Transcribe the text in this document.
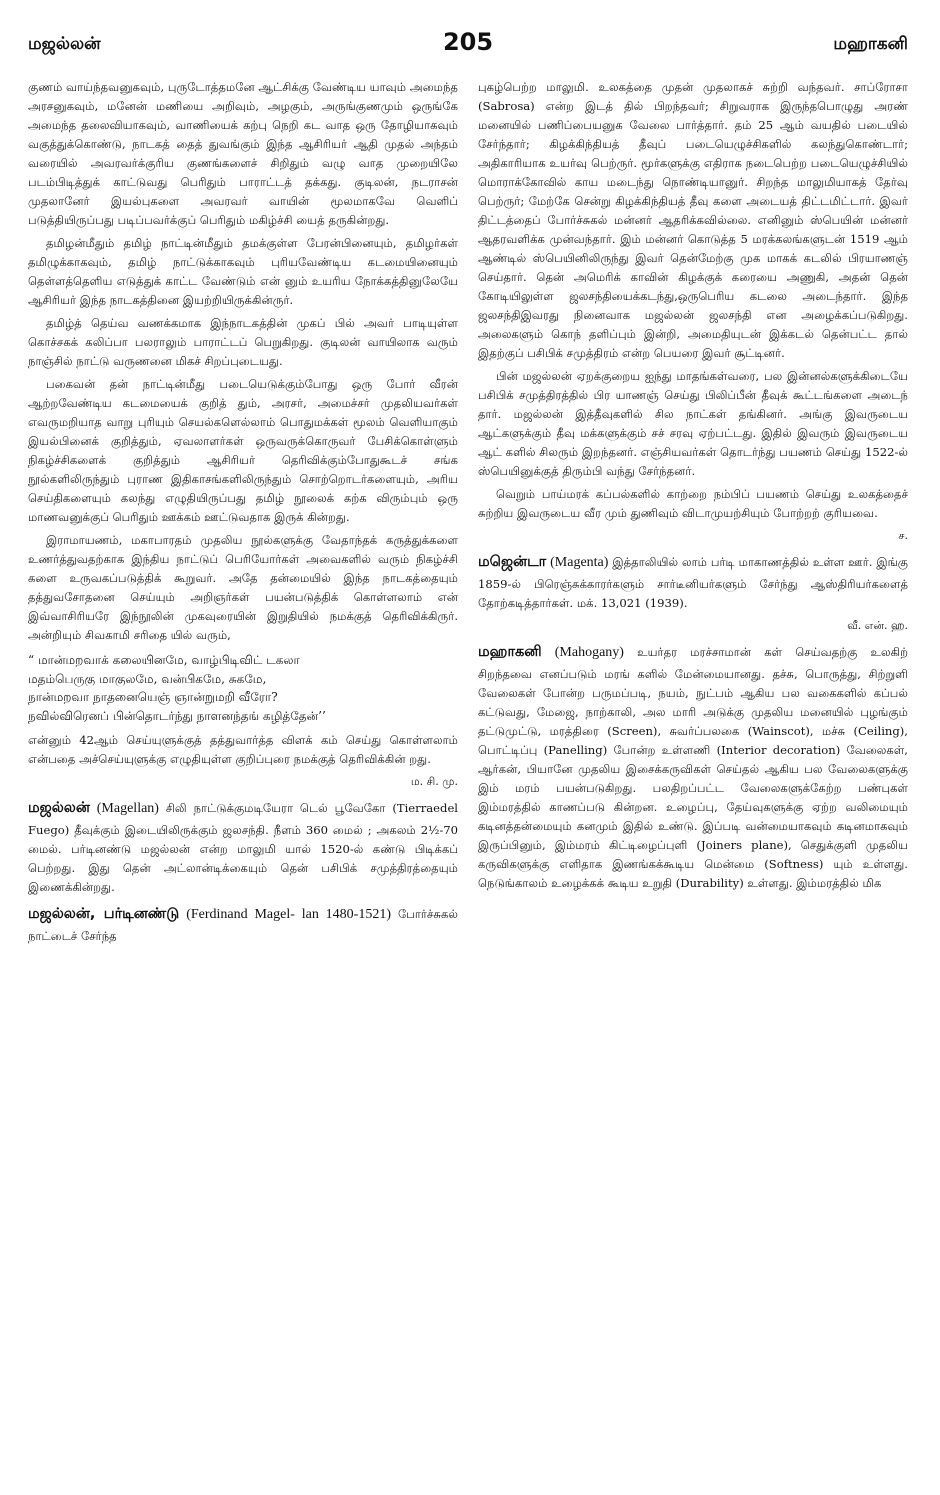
மஜல்லன்	205	மஹாகனி

குணம் வாய்ந்தவனுகவும், புருடோத்தமனே ஆட்சிக்கு வேண்டிய யாவும் அமைந்த அரசனுகவும், மனேன் மணியை அறிவும், அழகும், அருங்குணமும் ஒருங்கே அமைந்த தலைவியாகவும், வாணியைக் கற்பு நெறி கட வாத ஒரு தோழியாகவும் வகுத்துக்கொண்டு, நாடகத் தைத் துவங்கும் இந்த ஆசிரியர் ஆதி முதல் அந்தம் வரையில் அவரவர்க்குரிய குணங்களைச் சிறிதும் வழு வாத முறையிலே படம்பிடித்துக் காட்டுவது பெரிதும் பாராட்டத் தக்கது. குடிலன், நடராசன் முதலானேர் இயல்புகளை அவரவர் வாயின் மூலமாகவே வெளிப் படுத்தியிருப்பது படிப்பவர்க்குப் பெரிதும் மகிழ்ச்சி யைத் தருகின்றது.

தமிழன்மீதும் தமிழ் நாட்டின்மீதும் தமக்குள்ள பேரன்பினையும், தமிழர்கள் தமிழுக்காகவும், தமிழ் நாட்டுக்காகவும் புரியவேண்டிய கடமையினையும் தெள்ளத்தெளிய எடுத்துக் காட்ட வேண்டும் என் னும் உயரிய நோக்கத்தினுலேயே ஆசிரியர் இந்த நாடகத்தினை இயற்றியிருக்கின்ருர்.

தமிழ்த் தெய்வ வணக்கமாக இந்நாடகத்தின் முகப் பில் அவர் பாடியுள்ள கொச்சகக் கலிப்பா பலராலும் பாராட்டப் பெறுகிறது. குடிலன் வாயிலாக வரும் நாஞ்சில் நாட்டு வருணனை மிகச் சிறப்புடையது.

பகைவன் தன் நாட்டின்மீது படையெடுக்கும்போது ஒரு போர் வீரன் ஆற்றவேண்டிய கடமையைக் குறித் தும், அரசர், அமைச்சர் முதலியவர்கள் எவருமறியாத வாறு புரியும் செயல்களெல்லாம் பொதுமக்கள் மூலம் வெளியாகும் இயல்பினைக் குறித்தும், ஏவலாளர்கள் ஒருவருக்கொருவர் பேசிக்கொள்ளும் நிகழ்ச்சிகளைக் குறித்தும் ஆசிரியர் தெரிவிக்கும்போதுகூடச் சங்க நூல்களிலிருந்தும் புராண இதிகாசங்களிலிருந்தும் சொற்றொடர்களையும், அரிய செய்திகளையும் கலந்து எழுதியிருப்பது தமிழ் நூலைக் கற்க விரும்பும் ஒரு மாணவனுக்குப் பெரிதும் ஊக்கம் ஊட்டுவதாக இருக் கின்றது.

இராமாயணம், மகாபாரதம் முதலிய நூல்களுக்கு வேதாந்தக் கருத்துக்களை உணர்த்துவதற்காக இந்திய நாட்டுப் பெரியோர்கள் அவைகளில் வரும் நிகழ்ச்சி களை உருவகப்படுத்திக் கூறுவர். அதே தன்மையில் இந்த நாடகத்தையும் தத்துவசோதனை செய்யும் அறிஞர்கள் பயன்படுத்திக் கொள்ளலாம் என் இவ்வாசிரியரே இந்நூலின் முகவுரையின் இறுதியில் நமக்குத் தெரிவிக்கிருர். அன்றியும் சிவகாமி சரிதை யில் வரும்,

“ மான்மறவாக் கலையினமே, வாழ்பிடிவிட் டகலா
மதம்பெருகு மாகுலமே, வன்பிகமே, சுகமே,
நான்மறவா நாதனையெஞ் ஞான்றுமறி வீரோ?
நவில்விரெனப் பின்தொடர்ந்து நாளனந்தங் கழித்தேன்’’

என்னும் 42ஆம் செய்யுளுக்குத் தத்துவார்த்த விளக் கம் செய்து கொள்ளலாம் என்பதை அச்செய்யுளுக்கு எழுதியுள்ள குறிப்புரை நமக்குத் தெரிவிக்கின் றது.

ம. சி. மு.

மஜல்லன் (Magellan) சிலி நாட்டுக்குமடியேரா டெல் பூவேகோ (Tierraedel Fuego) தீவுக்கும் இடையிலிருக்கும் ஜலசந்தி. நீளம் 360 மைல் ; அகலம் 2½-70 மைல். பர்டினண்டு மஜல்லன் என்ற மாலுமி யால் 1520-ல் கண்டு பிடிக்கப் பெற்றது. இது தென் அட்லான்டிக்கையும் தென் பசிபிக் சமுத்திரத்தையும் இணைக்கின்றது.

மஜல்லன், பர்டினண்டு (Ferdinand Magel- lan 1480-1521) போர்ச்சுகல் நாட்டைச் சேர்ந்த

புகழ்பெற்ற மாலுமி. உலகத்தை முதன் முதலாகச் சுற்றி வந்தவர். சாப்ரோசா (Sabrosa) என்ற இடத் தில் பிறந்தவர்; சிறுவராக இருந்தபொழுது அரண் மனையில் பணிப்பையனுக வேலை பார்த்தார். தம் 25 ஆம் வயதில் படையில் சேர்ந்தார்; கிழக்கிந்தியத் தீவுப் படையெழுச்சிகளில் கலந்துகொண்டார்; அதிகாரியாக உயர்வு பெற்ருர். மூர்களுக்கு எதிராக நடைபெற்ற படையெழுச்சியில் மொராக்கோவில் காய மடைந்து நொண்டியானுர். சிறந்த மாலுமியாகத் தேர்வு பெற்ருர்; மேற்கே சென்று கிழக்கிந்தியத் தீவு களை அடையத் திட்டமிட்டார். இவர் திட்டத்தைப் போர்ச்சுகல் மன்னர் ஆதரிக்கவில்லை. எனினும் ஸ்பெயின் மன்னர் ஆதரவளிக்க முன்வந்தார். இம் மன்னர் கொடுத்த 5 மரக்கலங்களுடன் 1519 ஆம் ஆண்டில் ஸ்பெயினிலிருந்து இவர் தென்மேற்கு முக மாகக் கடலில் பிரயாணஞ் செய்தார். தென் அமெரிக் காவின் கிழக்குக் கரையை அணுகி, அதன் தென் கோடியிலுள்ள ஜலசந்தியைக்கடந்து,ஒருபெரிய கடலை அடைந்தார். இந்த ஜலசந்திஇவரது நினைவாக மஜல்லன் ஜலசந்தி என அழைக்கப்படுகிறது. அலைகளும் கொந் தளிப்பும் இன்றி, அமைதியுடன் இக்கடல் தென்பட்ட தால் இதற்குப் பசிபிக் சமுத்திரம் என்ற பெயரை இவர் சூட்டினர்.

பின் மஜல்லன் ஏறக்குறைய ஐந்து மாதங்கள்வரை, பல இன்னல்களுக்கிடையே பசிபிக் சமுத்திரத்தில் பிர யாணஞ் செய்து பிலிப்பீன் தீவுக் கூட்டங்களை அடைந் தார். மஜல்லன் இத்தீவுகளில் சில நாட்கள் தங்கினர். அங்கு இவருடைய ஆட்களுக்கும் தீவு மக்களுக்கும் சச் சரவு ஏற்பட்டது. இதில் இவரும் இவருடைய ஆட் களில் சிலரும் இறந்தனர். எஞ்சியவர்கள் தொடர்ந்து பயணம் செய்து 1522-ல் ஸ்பெயினுக்குத் திரும்பி வந்து சேர்ந்தனர்.

வெறும் பாய்மரக் கப்பல்களில் காற்றை நம்பிப் பயணம் செய்து உலகத்தைச் சுற்றிய இவருடைய வீர மும் துணிவும் விடாமுயற்சியும் போற்றற் குரியவை.

ச.

மஜென்டா (Magenta) இத்தாலியில் லாம் பர்டி மாகாணத்தில் உள்ள ஊர். இங்கு 1859-ல் பிரெஞ்சுக்காரர்களும் சார்டீனியர்களும் சேர்ந்து ஆஸ்திரியர்களைத் தோற்கடித்தார்கள். மக். 13,021 (1939).

வீ. என். ஹ.

மஹாகனி (Mahogany) உயர்தர மரச்சாமான் கள் செய்வதற்கு உலகிற் சிறந்தவை எனப்படும் மரங் களில் மேன்மையானது. தச்சு, பொருத்து, சிற்றுளி வேலைகள் போன்ற பருமப்படி, நயம், நுட்பம் ஆகிய பல வகைகளில் கப்பல் கட்டுவது, மேஜை, நாற்காலி, அல மாரி அடுக்கு முதலிய மனையில் புழங்கும் தட்டுமுட்டு, மரத்திரை (Screen), சுவர்ப்பலகை (Wainscot), மச்சு (Ceiling), பொட்டிப்பு (Panelling) போன்ற உள்ளணி (Interior decoration) வேலைகள், ஆர்கன், பியானே முதலிய இசைக்கருவிகள் செய்தல் ஆகிய பல வேலைகளுக்கு இம் மரம் பயன்படுகிறது. பலதிறப்பட்ட வேலைகளுக்கேற்ற பண்புகள் இம்மரத்தில் காணப்படு கின்றன. உழைப்பு, தேய்வுகளுக்கு ஏற்ற வலிமையும் கடினத்தன்மையும் கனமும் இதில் உண்டு. இப்படி வன்மையாகவும் கடினமாகவும் இருப்பினும், இம்மரம் கிட்டிழைப்புளி (Joiners plane), செதுக்குளி முதலிய கருவிகளுக்கு எளிதாக இணங்கக்கூடிய மென்மை (Softness) யும் உள்ளது. நெடுங்காலம் உழைக்கக் கூடிய உறுதி (Durability) உள்ளது. இம்மரத்தில் மிக
